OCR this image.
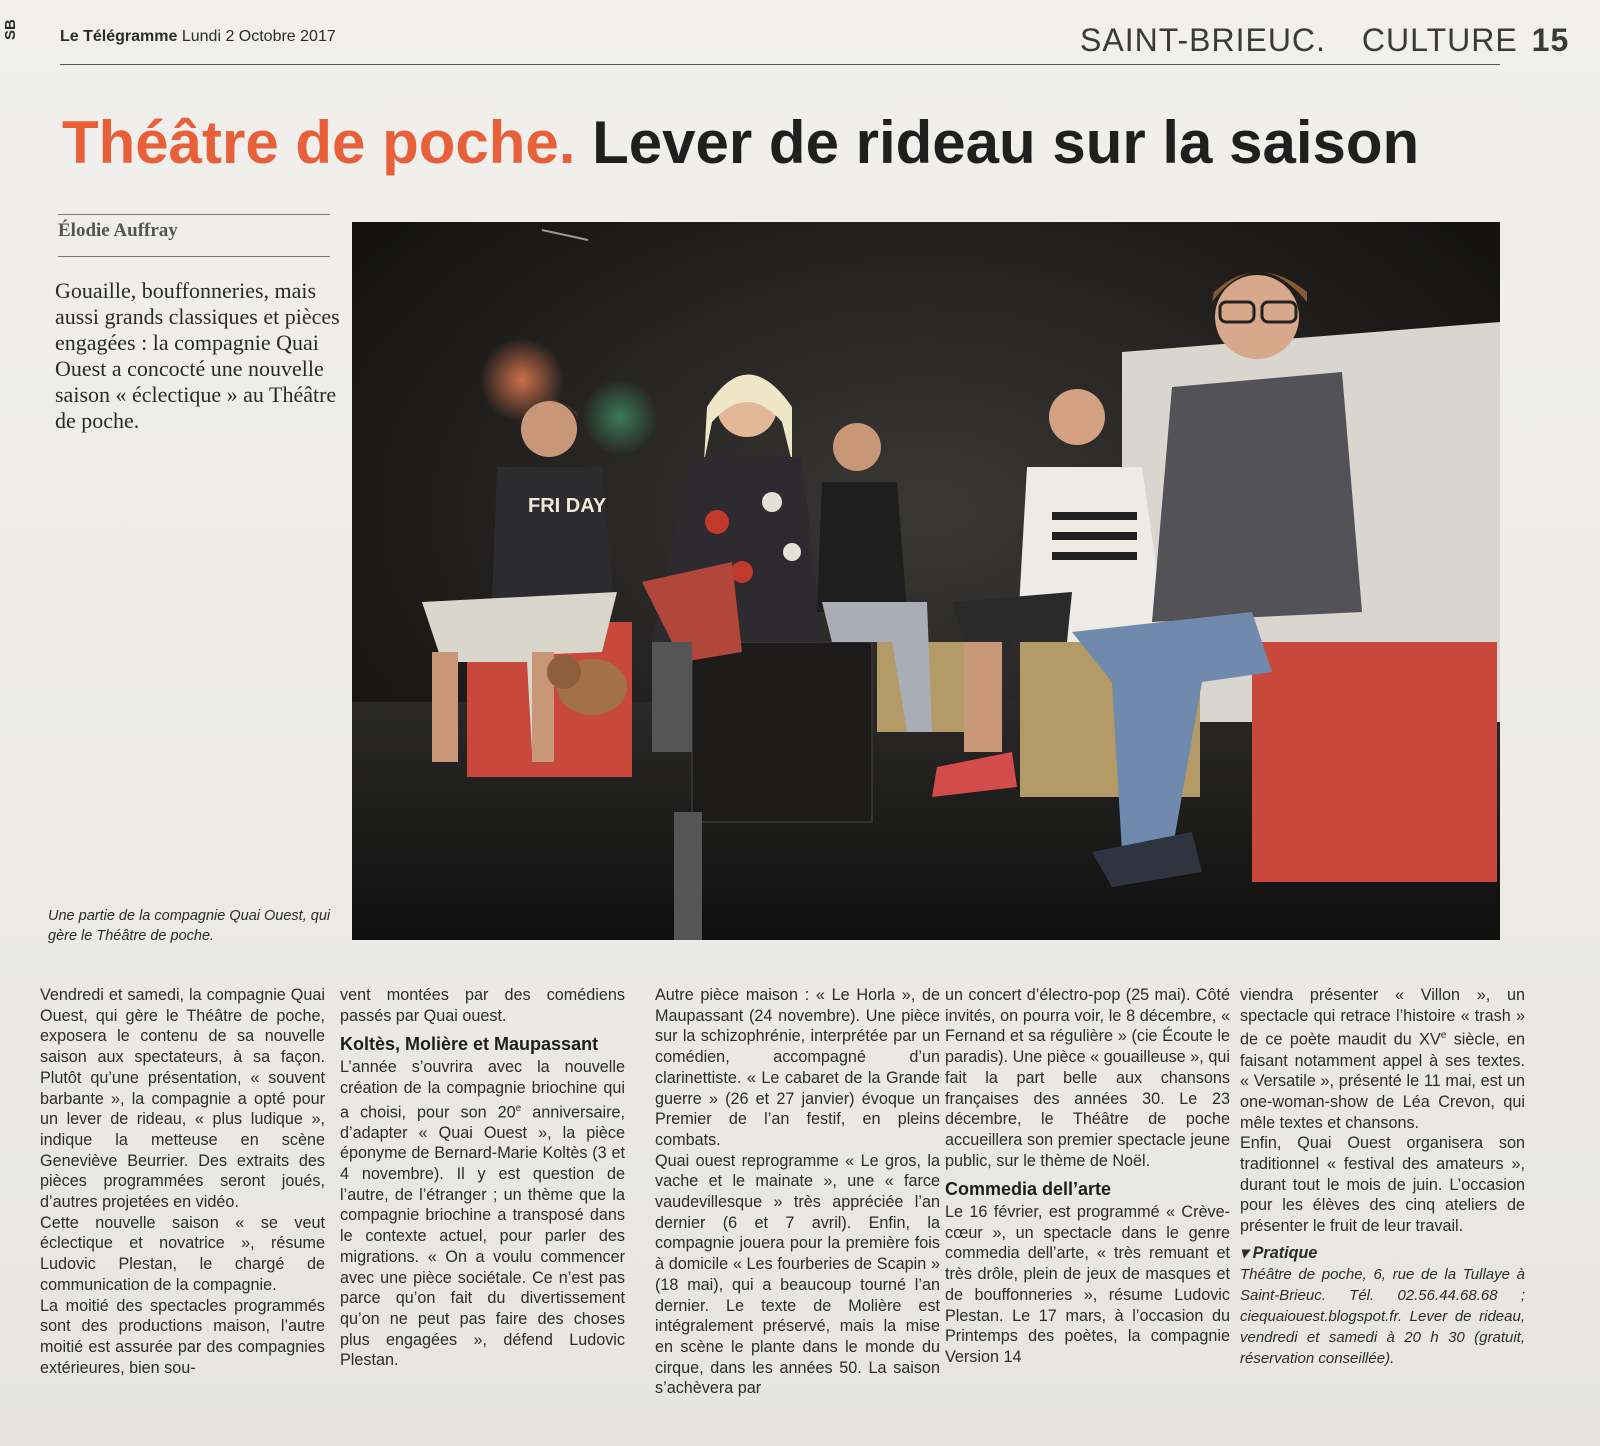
SB	Le Télégramme Lundi 2 Octobre 2017	SAINT-BRIEUC. CULTURE 15
Théâtre de poche. Lever de rideau sur la saison
Élodie Auffray
Gouaille, bouffonneries, mais aussi grands classiques et pièces engagées : la compagnie Quai Ouest a concocté une nouvelle saison « éclectique » au Théâtre de poche.
Une partie de la compagnie Quai Ouest, qui gère le Théâtre de poche.
FRI DAY

Vendredi et samedi, la compagnie Quai Ouest, qui gère le Théâtre de poche, exposera le contenu de sa nouvelle saison aux spectateurs, à sa façon. Plutôt qu’une présentation, « souvent barbante », la compagnie a opté pour un lever de rideau, « plus ludique », indique la metteuse en scène Geneviève Beurrier. Des extraits des pièces programmées seront joués, d’autres projetées en vidéo.

Cette nouvelle saison « se veut éclectique et novatrice », résume Ludovic Plestan, le chargé de communication de la compagnie.

La moitié des spectacles programmés sont des productions maison, l’autre moitié est assurée par des compagnies extérieures, bien sou-

vent montées par des comédiens passés par Quai ouest.

Koltès, Molière et Maupassant

L’année s’ouvrira avec la nouvelle création de la compagnie briochine qui a choisi, pour son 20e anniversaire, d’adapter « Quai Ouest », la pièce éponyme de Bernard-Marie Koltès (3 et 4 novembre). Il y est question de l’autre, de l’étranger ; un thème que la compagnie briochine a transposé dans le contexte actuel, pour parler des migrations. « On a voulu commencer avec une pièce sociétale. Ce n’est pas parce qu’on fait du divertissement qu’on ne peut pas faire des choses plus engagées », défend Ludovic Plestan.

Autre pièce maison : « Le Horla », de Maupassant (24 novembre). Une pièce sur la schizophrénie, interprétée par un comédien, accompagné d’un clarinettiste. « Le cabaret de la Grande guerre » (26 et 27 janvier) évoque un Premier de l’an festif, en pleins combats.

Quai ouest reprogramme « Le gros, la vache et le mainate », une « farce vaudevillesque » très appréciée l’an dernier (6 et 7 avril). Enfin, la compagnie jouera pour la première fois à domicile « Les fourberies de Scapin » (18 mai), qui a beaucoup tourné l’an dernier. Le texte de Molière est intégralement préservé, mais la mise en scène le plante dans le monde du cirque, dans les années 50. La saison s’achèvera par

un concert d’électro-pop (25 mai). Côté invités, on pourra voir, le 8 décembre, « Fernand et sa régulière » (cie Écoute le paradis). Une pièce « gouailleuse », qui fait la part belle aux chansons françaises des années 30. Le 23 décembre, le Théâtre de poche accueillera son premier spectacle jeune public, sur le thème de Noël.

Commedia dell’arte

Le 16 février, est programmé « Crève-cœur », un spectacle dans le genre commedia dell’arte, « très remuant et très drôle, plein de jeux de masques et de bouffonneries », résume Ludovic Plestan. Le 17 mars, à l’occasion du Printemps des poètes, la compagnie Version 14

viendra présenter « Villon », un spectacle qui retrace l’histoire « trash » de ce poète maudit du XVe siècle, en faisant notamment appel à ses textes. « Versatile », présenté le 11 mai, est un one-woman-show de Léa Crevon, qui mêle textes et chansons.

Enfin, Quai Ouest organisera son traditionnel « festival des amateurs », durant tout le mois de juin. L’occasion pour les élèves des cinq ateliers de présenter le fruit de leur travail.

▾ Pratique

Théâtre de poche, 6, rue de la Tullaye à Saint-Brieuc. Tél. 02.56.44.68.68 ; ciequaiouest.blogspot.fr. Lever de rideau, vendredi et samedi à 20 h 30 (gratuit, réservation conseillée).
